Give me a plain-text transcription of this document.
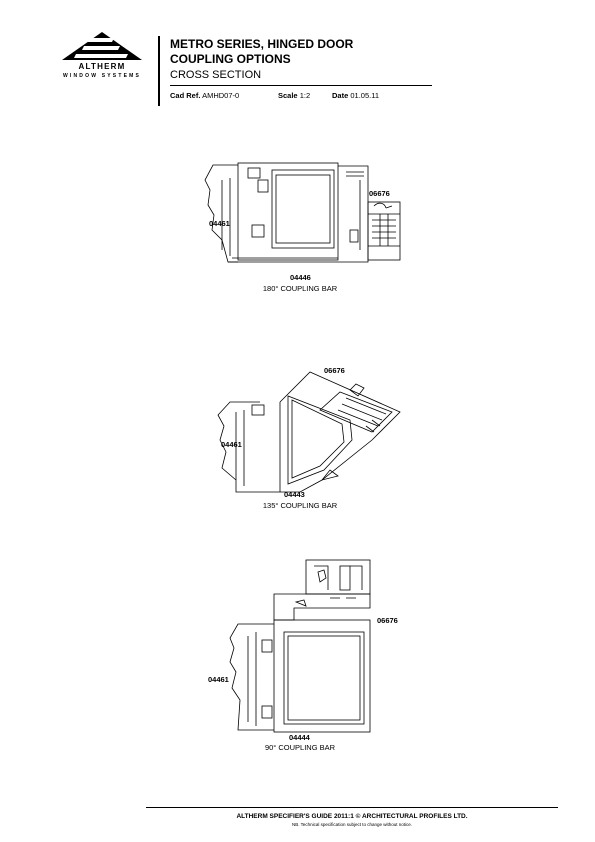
ALTHERM
WINDOW SYSTEMS
METRO SERIES, HINGED DOOR
COUPLING OPTIONS
CROSS SECTION
Cad Ref. AMHD07-0	Scale 1:2	Date 01.05.11
04461
06676
04446
180° COUPLING BAR
04461
06676
04443
135° COUPLING BAR
04461
06676
04444
90° COUPLING BAR
ALTHERM SPECIFIER'S GUIDE 2011:1 © ARCHITECTURAL PROFILES LTD.
NB. Technical specification subject to change without notice.
